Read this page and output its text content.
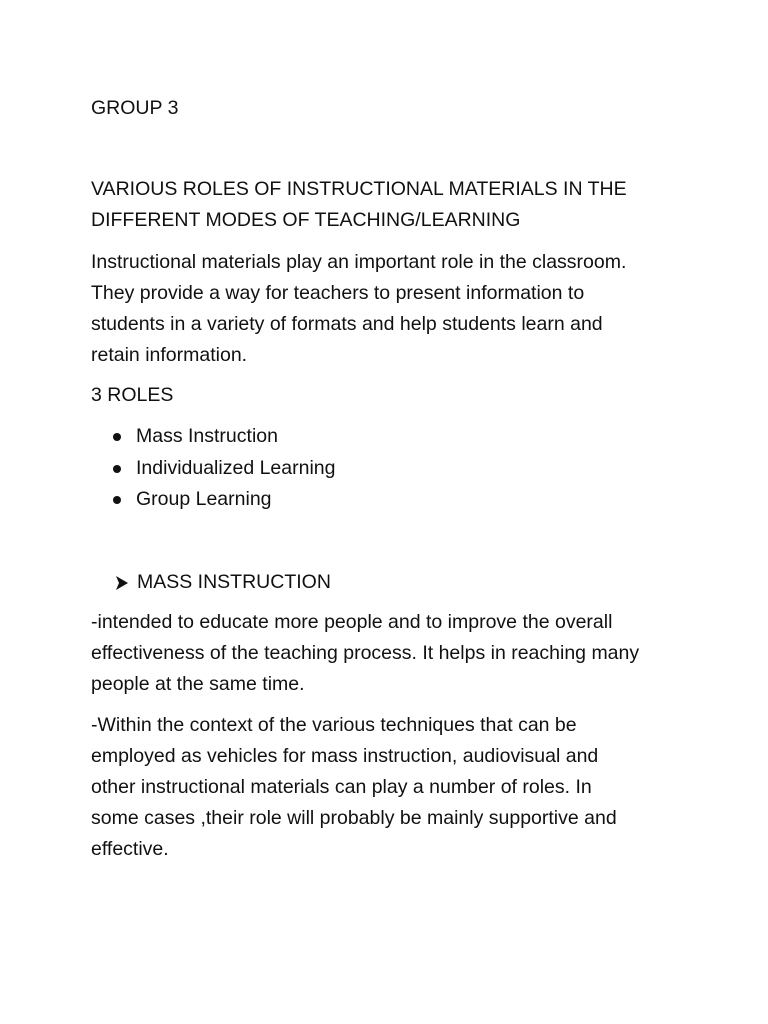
GROUP 3

VARIOUS ROLES OF INSTRUCTIONAL MATERIALS IN THE

DIFFERENT MODES OF TEACHING/LEARNING

Instructional materials play an important role in the classroom.

They provide a way for teachers to present information to

students in a variety of formats and help students learn and

retain information.

3 ROLES

Mass Instruction
Individualized Learning
Group Learning
MASS INSTRUCTION

-intended to educate more people and to improve the overall

effectiveness of the teaching process. It helps in reaching many

people at the same time.

-Within the context of the various techniques that can be

employed as vehicles for mass instruction, audiovisual and

other instructional materials can play a number of roles. In

some cases ,their role will probably be mainly supportive and

effective.
